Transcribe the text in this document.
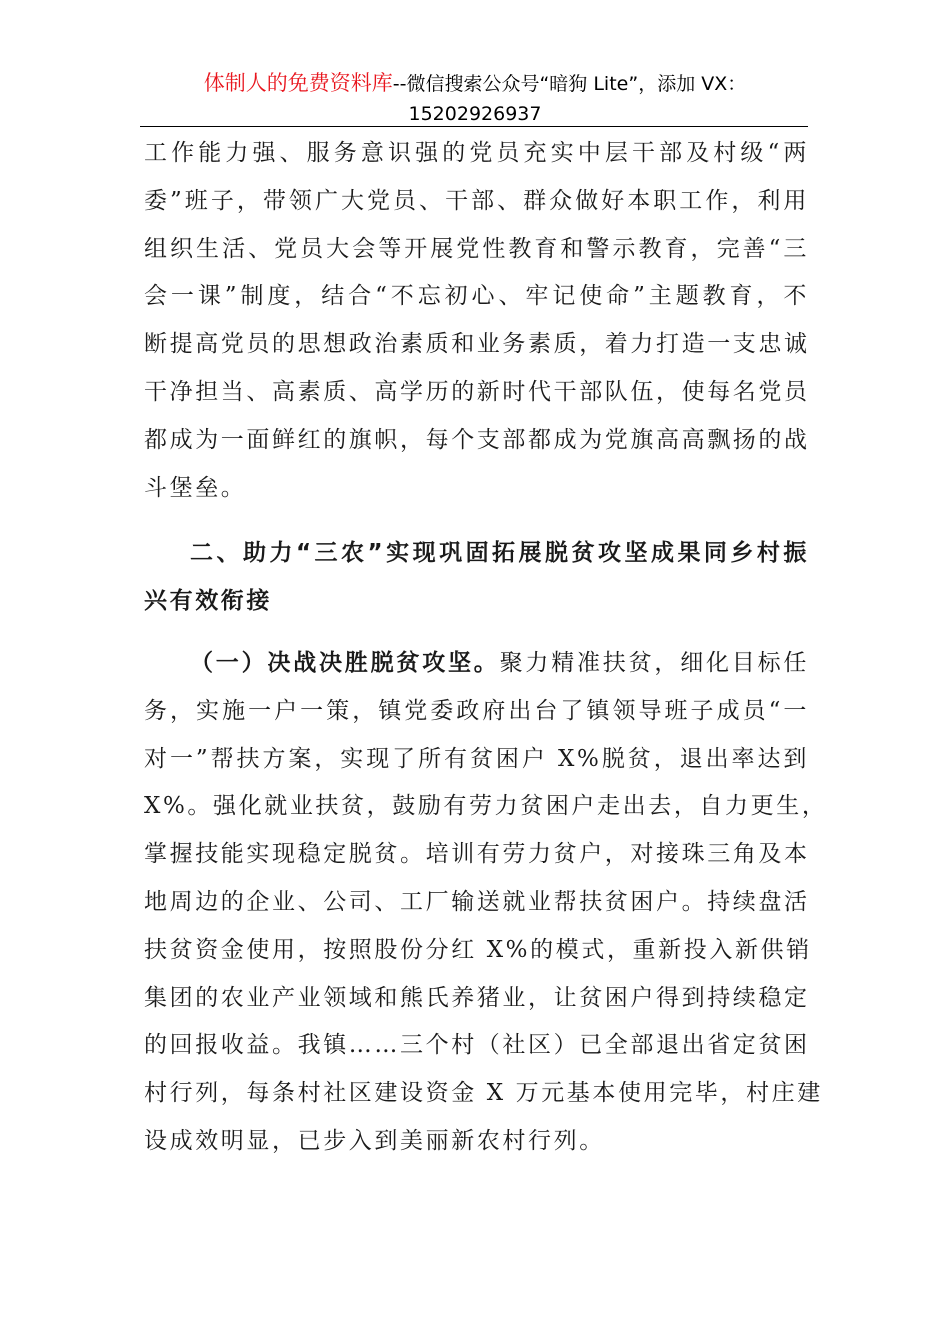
体制人的免费资料库--微信搜索公众号“暗狗 Lite”，添加 VX：
15202926937

工作能力强、服务意识强的党员充实中层干部及村级“两
委”班子，带领广大党员、干部、群众做好本职工作，利用
组织生活、党员大会等开展党性教育和警示教育，完善“三
会一课”制度，结合“不忘初心、牢记使命”主题教育，不
断提高党员的思想政治素质和业务素质，着力打造一支忠诚
干净担当、高素质、高学历的新时代干部队伍，使每名党员
都成为一面鲜红的旗帜，每个支部都成为党旗高高飘扬的战
斗堡垒。

二、助力“三农”实现巩固拓展脱贫攻坚成果同乡村振
兴有效衔接

（一）决战决胜脱贫攻坚。聚力精准扶贫，细化目标任
务，实施一户一策，镇党委政府出台了镇领导班子成员“一
对一”帮扶方案，实现了所有贫困户 X%脱贫，退出率达到
X%。强化就业扶贫，鼓励有劳力贫困户走出去，自力更生，
掌握技能实现稳定脱贫。培训有劳力贫户，对接珠三角及本
地周边的企业、公司、工厂输送就业帮扶贫困户。持续盘活
扶贫资金使用，按照股份分红 X%的模式，重新投入新供销
集团的农业产业领域和熊氏养猪业，让贫困户得到持续稳定
的回报收益。我镇……三个村（社区）已全部退出省定贫困
村行列，每条村社区建设资金 X 万元基本使用完毕，村庄建
设成效明显，已步入到美丽新农村行列。
